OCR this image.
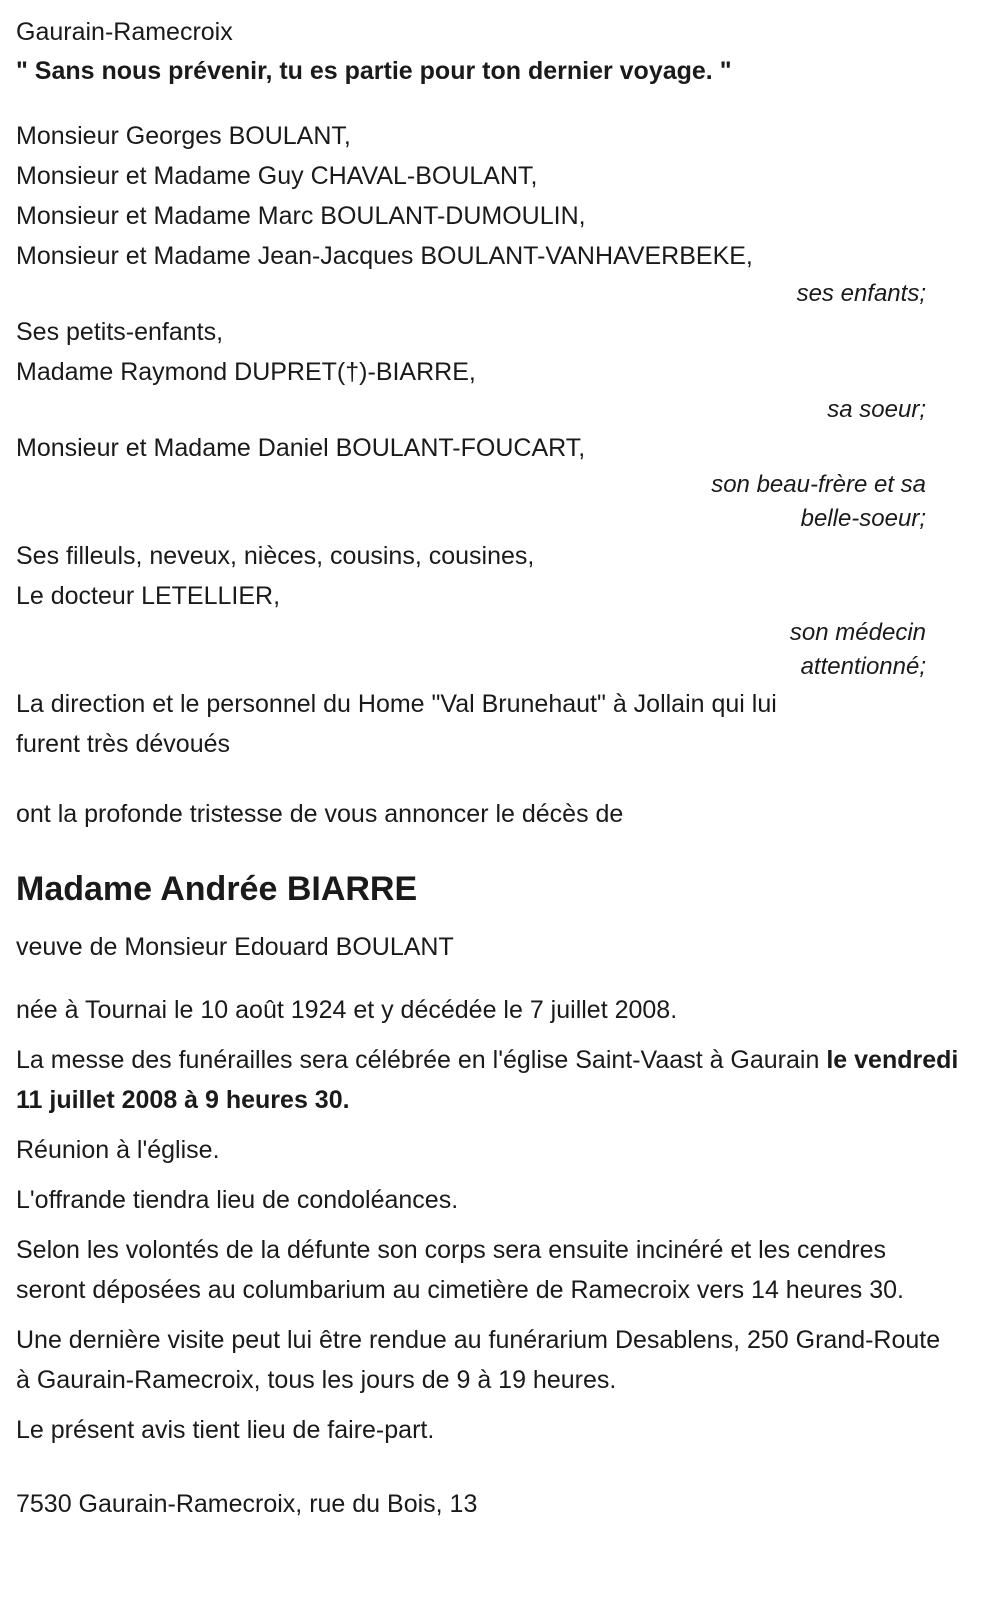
Gaurain-Ramecroix
" Sans nous prévenir, tu es partie pour ton dernier voyage. "
Monsieur Georges BOULANT,
Monsieur et Madame Guy CHAVAL-BOULANT,
Monsieur et Madame Marc BOULANT-DUMOULIN,
Monsieur et Madame Jean-Jacques BOULANT-VANHAVERBEKE,
ses enfants;
Ses petits-enfants,
Madame Raymond DUPRET(†)-BIARRE,
sa soeur;
Monsieur et Madame Daniel BOULANT-FOUCART,
son beau-frère et sa
belle-soeur;
Ses filleuls, neveux, nièces, cousins, cousines,
Le docteur LETELLIER,
son médecin
attentionné;
La direction et le personnel du Home "Val Brunehaut" à Jollain qui lui
furent très dévoués
ont la profonde tristesse de vous annoncer le décès de
Madame Andrée BIARRE
veuve de Monsieur Edouard BOULANT
née à Tournai le 10 août 1924 et y décédée le 7 juillet 2008.
La messe des funérailles sera célébrée en l'église Saint-Vaast à Gaurain le vendredi 11 juillet 2008 à 9 heures 30.
Réunion à l'église.
L'offrande tiendra lieu de condoléances.
Selon les volontés de la défunte son corps sera ensuite incinéré et les cendres seront déposées au columbarium au cimetière de Ramecroix vers 14 heures 30.
Une dernière visite peut lui être rendue au funérarium Desablens, 250 Grand-Route à Gaurain-Ramecroix, tous les jours de 9 à 19 heures.
Le présent avis tient lieu de faire-part.
7530 Gaurain-Ramecroix, rue du Bois, 13
